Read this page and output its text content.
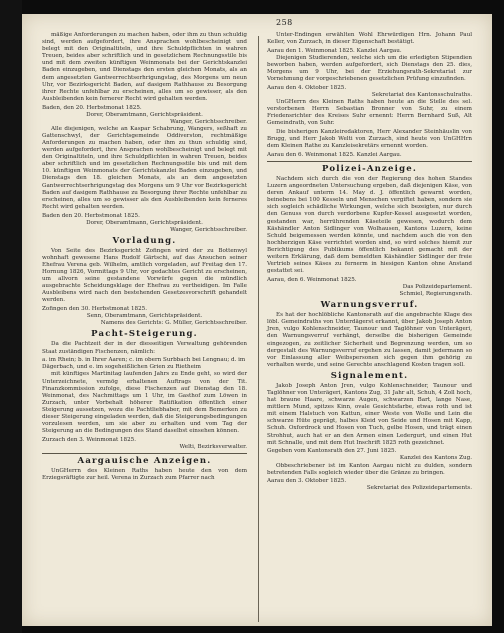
258

mäßige Anforderungen zu machen haben, oder ihm zu thun schuldig sind, werden aufgefordert, ihre Ansprachen wohlbescheinigt und belegt mit den Originaltiteln, und ihre Schuldpflichten in wahren Treuen, beides aber schriftlich und in gesetzlichem Rechnungsstile bis und mit dem zweiten künftigen Weinmonats bei der Gerichtskanzlei Baden einzugeben, und Dienstags den ersten gleichen Monats, als an dem angesetzten Gantwerrechtserhrigungstag, des Morgens um neun Uhr, vor Bezirksgericht Baden, auf dasigem Rathhause zu Besorgung ihrer Rechte unfehlbar zu erscheinen, alles um so gewisser, als den Ausbleibenden kein fernerer Recht wird gehalten werden.

Baden, den 20. Herbstmonat 1825.

Dorer, Oberamtmann, Gerichtspräsident.

Wanger, Gerichtsschreiber.

Alle diejenigen, welche an Kaspar Schabrung, Wangers, seßhaft zu Gattenschwyl, der Gerichtsgemeinde Oddiverston, rechtmäßige Anforderungen zu machen haben, oder ihm zu thun schuldig sind, werden aufgefordert, ihre Ansprachen wohlbescheinigt und belegt mit den Originaltiteln, und ihre Schuldpflichten in wahren Treuen, beides aber schriftlich und im gesetzlichen Rechnungsstile bis und mit dem 10. künftigen Weinmonats der Gerichtskanzlei Baden einzugeben, und Dienstags den 18. gleichen Monats, als an dem angesetzten Gantwerrechtserhrigungstag des Morgens um 9 Uhr vor Bezirksgericht Baden auf dasigem Rathhause zu Besorgung ihrer Rechte unfehlbar zu erscheinen, alles um so gewisser als den Ausbleibenden kein ferneres Recht wird gehalten werden.

Baden den 20. Herbstmonat 1825.

Dorer, Oberamtmann, Gerichtspräsident.

Wanger, Gerichtsschreiber.

Vorladung.

Von Seite des Bezirksgericht Zofingen wird der zu Bottenwyl wohnhaft gewesene Hans Rudolf Gärtschi, auf das Ansuchen seiner Ehefrau Verena geb. Wilhelm, amtlich vorgeladen, auf Freitag den 17. Hornung 1826, Vormittags 9 Uhr, vor gedachtes Gericht zu erscheinen, um allvorn seine gestandene Vorwürfe gegen die mündlich ausgebrachte Scheidungsklage der Ehefrau zu vertheidigen. Im Falle Ausbleibens wird nach den bestehenden Gesetzesvorschrift gehandelt werden.

Zofingen den 30. Herbstmonat 1825.

Senn, Oberamtmann, Gerichtspräsident.

Namens des Gerichts: G. Müller, Gerichtsschreiber.

Pacht-Steigerung.

Da die Pachtzeit der in der diesseitigen Verwaltung gehörenden Staat zuständigen Fischenzen, nämlich:

a. im Rhein; b. in Ihrer Aaren; c. im obern Surbbach bei Lengnau; d. im Dägerbach, und e. im sogeheißlichen Grien zu Rietheim

mit künftiges Martinitag laufenden Jahrs zu Ende geht, so wird der Unterzeichnete, vermög erhaltenen Auftrags von der Tit. Finanzkommission zufolge, diese Fischenzen auf Dienstag den 18. Weinmonat, des Nachmittags um 1 Uhr, im Gasthof zum Löwen in Zurzach, unter Vorbehalt höherer Ratifikation öffentlich einer Steigerung aussetzen, wozu die Pachtliebhaber, mit dem Bemerken zu dieser Steigerung eingeladen werden, daß die Steigerungsbedingungen vorzulesen werden, um sie aber zu erhalten und vom Tag der Steigerung an die Bedingungen des Stand daselbst einsehen können.

Zurzach den 3. Weinmonat 1825.

Welti, Bezirksverwalter.

Aargauische Anzeigen.

UnGHerrn des Kleinen Raths haben heute den von dem Erziegsräftigte zur heil. Verena in Zurzach zum Pfarrer nach

Unter-Endingen erwählten Wohl Ehrwürdigen Hrn. Johann Paul Keller, von Zurzach, in dieser Eigenschaft bestätigt.

Aarau den 1. Weinmonat 1825. Kanzlei Aargau.

Diejenigen Studierenden, welche sich um die erledigten Stipendien beworben haben, werden aufgefordert, sich Dienstags den 25. dies, Morgens um 9 Uhr, bei der Erziehungsrath-Sekretariat zur Vornehmung der vorgeschriebenen gesetzlichen Prüfung einzufinden.

Aarau den 4. Oktober 1825.

Sekretariat des Kantonsschulraths.

UnGHerrn des Kleinen Raths haben heute an die Stelle des sel. verstorbenen Herrn Sebastian Bronner von Suhr, zu einem Friedensrichter des Kreises Suhr ernennt: Herrn Bernhard Suß, Alt Gemeindrath, von Suhr.

Die bisherigen Kanzleiredaktoren, Herr Alexander Steinhäuslin von Brugg, und Herr Jakob Welti von Zurzach, sind heute von UnGHHrn dem Kleinen Rathe zu Kanzleisekretärs ernennt worden.

Aarau den 6. Weinmonat 1825. Kanzlei Aargau.

Polizei-Anzeige.

Nachdem sich durch die von der Regierung des hohen Standes Luzern angeordneten Untersuchung ergeben, daß diejenigen Käse, von deren Ankauf unterm 14. May d. J. öffentlich gewarnt worden, beinebens bei 100 Kesseln und Menschen vergiftet haben, sondern sie sich sogleich schädliche Wirkungen, welche sich bezeigten, nur durch den Genuss von durch verdorbene Kupfer-Kessel ausgesetzt worden, gestanden war, herrührenden Käseteile gewesen, wodurch dem Käshändler Anton Sidlinger von Wolhausen, Kantons Luzern, keine Schuld beigemessen werden könnte, und nachdem auch die von den hochherzigen Käse verrichtet worden sind, so wird solches hiemit zur Berichtigung des Publikums öffentlich bekannt gemacht mit der weitern Erklärung, daß dem bemeldten Käshändler Sidlinger der freie Vertrieb seines Käses zu fernerm in hiesigen Kanton ohne Anstand gestattet sei.

Aarau, den 6. Weinmonat 1825.

Das Polizeidepartement.

Schmiel, Regierungsrath.

Warnungsverruf.

Es hat der hochlöbliche Kantonsrath auf die angebrachte Klage des löbl. Gemeindraths von Unterdägerst erkannt, über Jakob Joseph Anton Jren, vulgo Kohlenschneider, Taunour und Taglöhner von Unterägeri, den Warnungsverruf verhängt, derselbe die bisherigen Gemeinde eingezogen, zu zeitlicher Sicherheit und Begrenzung werden, um so dergestalt des Warnungsverruf ergehen zu lassen, damit jedermann so vor Einlassung aller Weibspersonen sich gegen ihm gehörig zu verhalten werde, und seine Gerechte anschlagend Kosten tragen soll.

Signalement.

Jakob Joseph Anton Jren, vulgo Kohlenschneider, Taunour und Taglöhner von Unterägeri, Kantons Zug, 31 Jahr alt, Schuh, 4 Zoll hoch, hat braune Haare, schwarze Augen, schwarzen Bart, lange Nase, mittlern Mund, spitzes Kinn, ovale Gesichtsfarbe, etwas roth und ist mit einem Halstuch von Kattun, einer Weste von Wolle und Lein die schwarze Hüte geprägt, halbes Kleid von Seide und Hosen mit Kapp, Schuh. Oxfordrock und Hosen von Tuch, gelbe Hosen, und trägt einen Strohhut, auch hat er an den Armen einen Ledergurt, und einen Hut mit Schnalle, und mit dem Hut Inschrift 1825 roth gezeichnet.

Gegeben vom Kantonsrath den 27. Juni 1825.

Kanzlei des Kantons Zug.

Obbeschriebener ist im Kanton Aargau nicht zu dulden, sondern betretenden Falls sogleich wieder über die Gränze zu bringen.

Aarau den 3. Oktober 1825.

Sekretariat des Polizeidepartements.
